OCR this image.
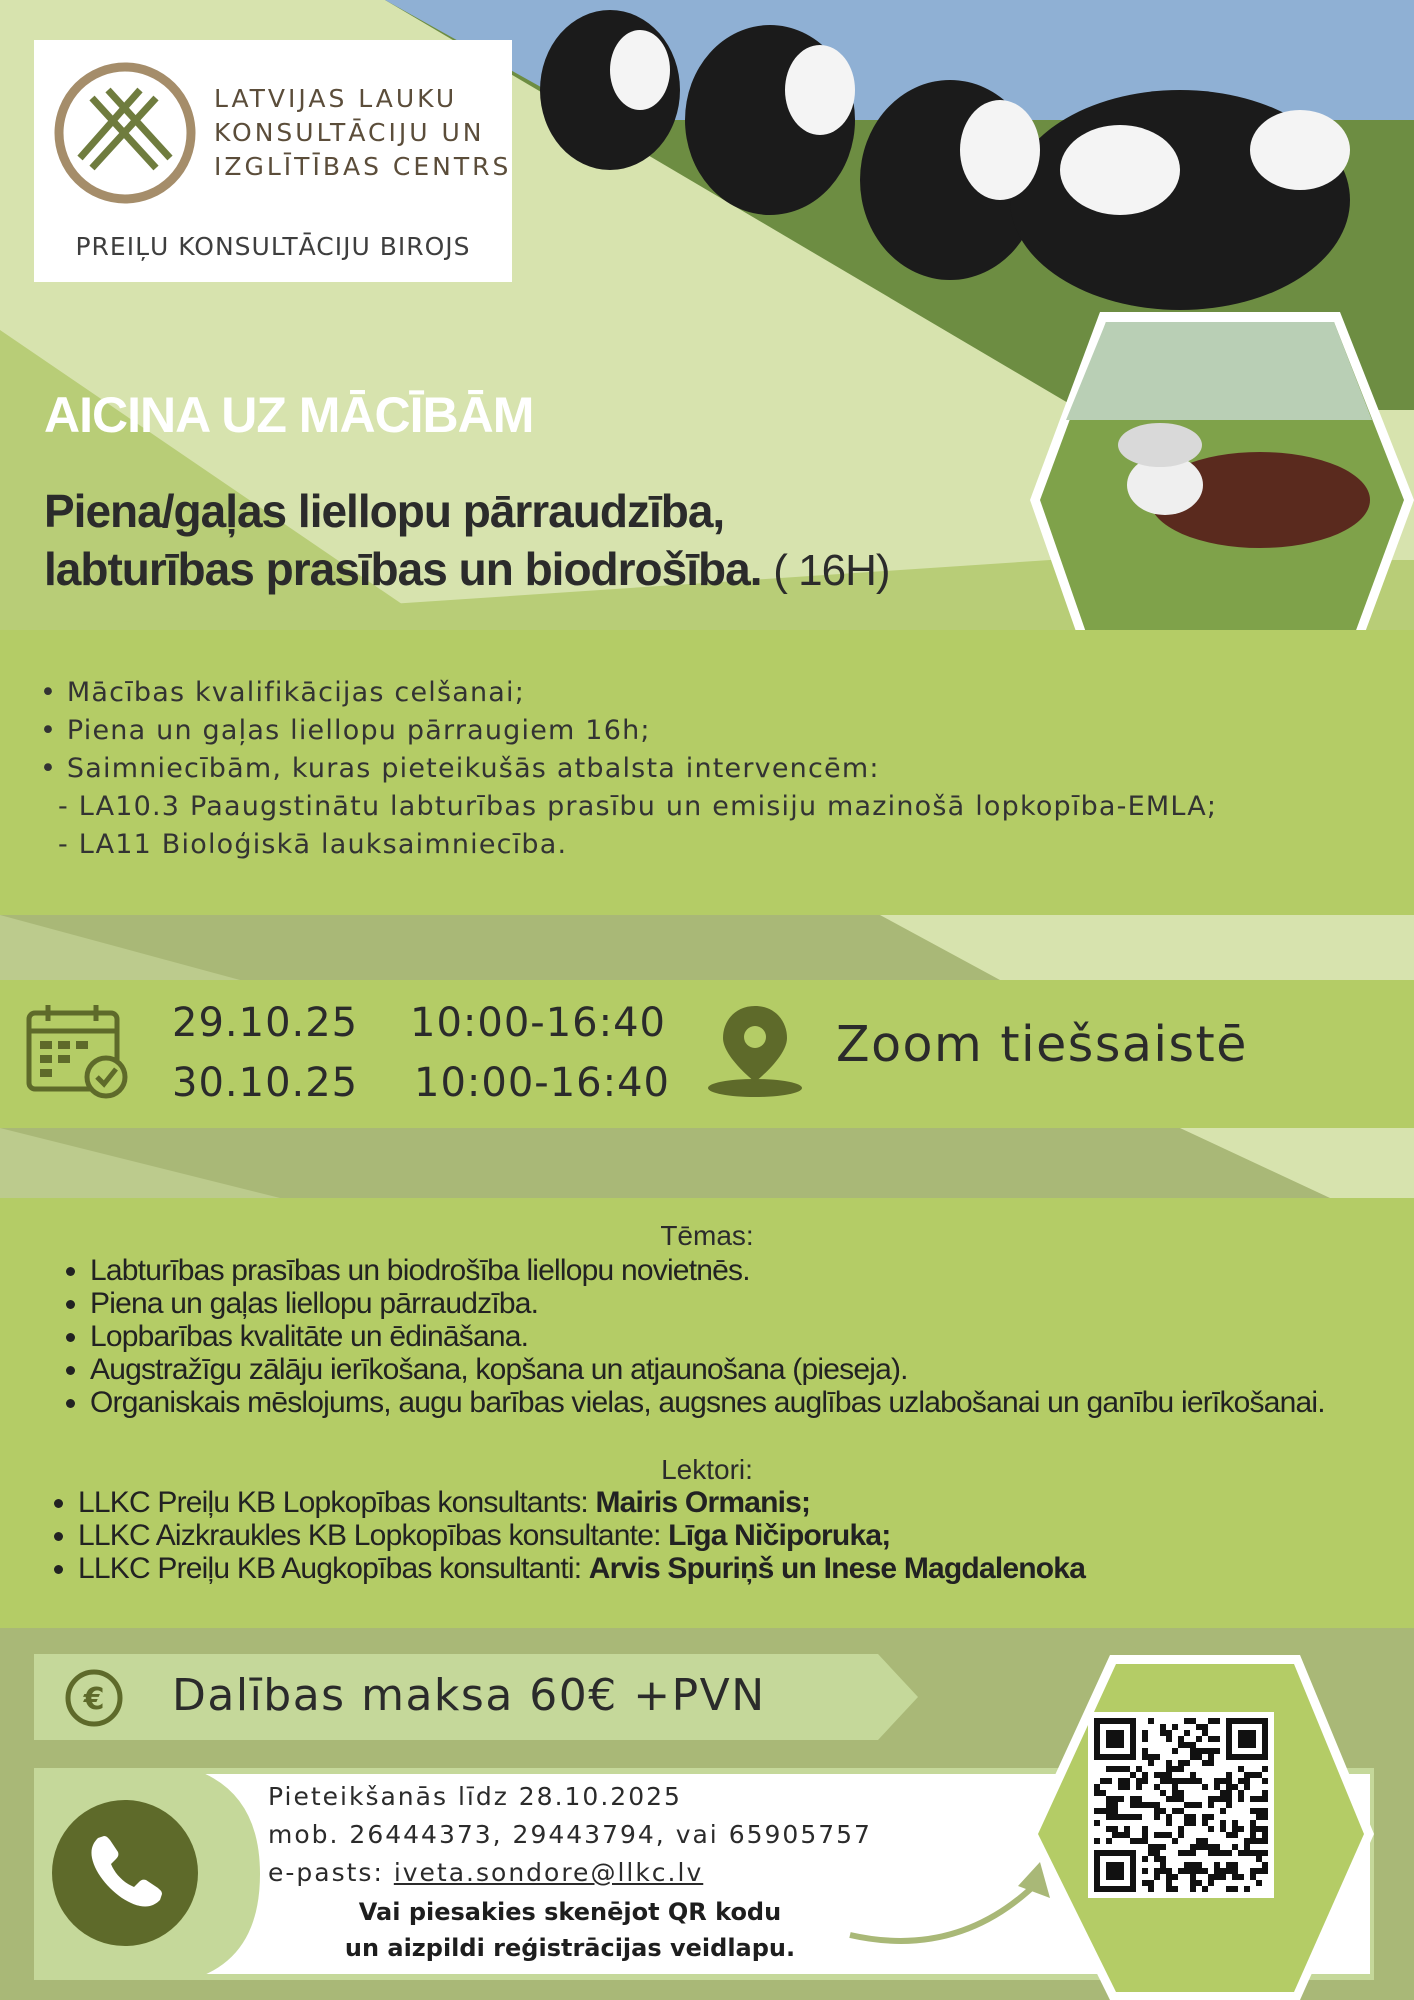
LATVIJAS LAUKU
KONSULTĀCIJU UN
IZGLĪTĪBAS CENTRS
PREIĻU KONSULTĀCIJU BIROJS
AICINA UZ MĀCĪBĀM
Piena/gaļas liellopu pārraudzība,
labturības prasības un biodrošība. ( 16H)
• Mācības kvalifikācijas celšanai;
• Piena un gaļas liellopu pārraugiem 16h;
• Saimniecībām, kuras pieteikušās atbalsta intervencēm:
- LA10.3 Paaugstinātu labturības prasību un emisiju mazinošā lopkopība-EMLA;
- LA11 Bioloģiskā lauksaimniecība.
29.10.25 10:00-16:40
30.10.25 10:00-16:40
Zoom tiešsaistē
Tēmas:
• Labturības prasības un biodrošība liellopu novietnēs.
• Piena un gaļas liellopu pārraudzība.
• Lopbarības kvalitāte un ēdināšana.
• Augstražīgu zālāju ierīkošana, kopšana un atjaunošana (pieseja).
• Organiskais mēslojums, augu barības vielas, augsnes auglības uzlabošanai un ganību ierīkošanai.
Lektori:
• LLKC Preiļu KB Lopkopības konsultants: Mairis Ormanis;
• LLKC Aizkraukles KB Lopkopības konsultante: Līga Ničiporuka;
• LLKC Preiļu KB Augkopības konsultanti: Arvis Spuriņš un Inese Magdalenoka
€ Dalības maksa 60€ +PVN
Pieteikšanās līdz 28.10.2025
mob. 26444373, 29443794, vai 65905757
e-pasts: iveta.sondore@llkc.lv
Vai piesakies skenējot QR kodu
un aizpildi reģistrācijas veidlapu.
